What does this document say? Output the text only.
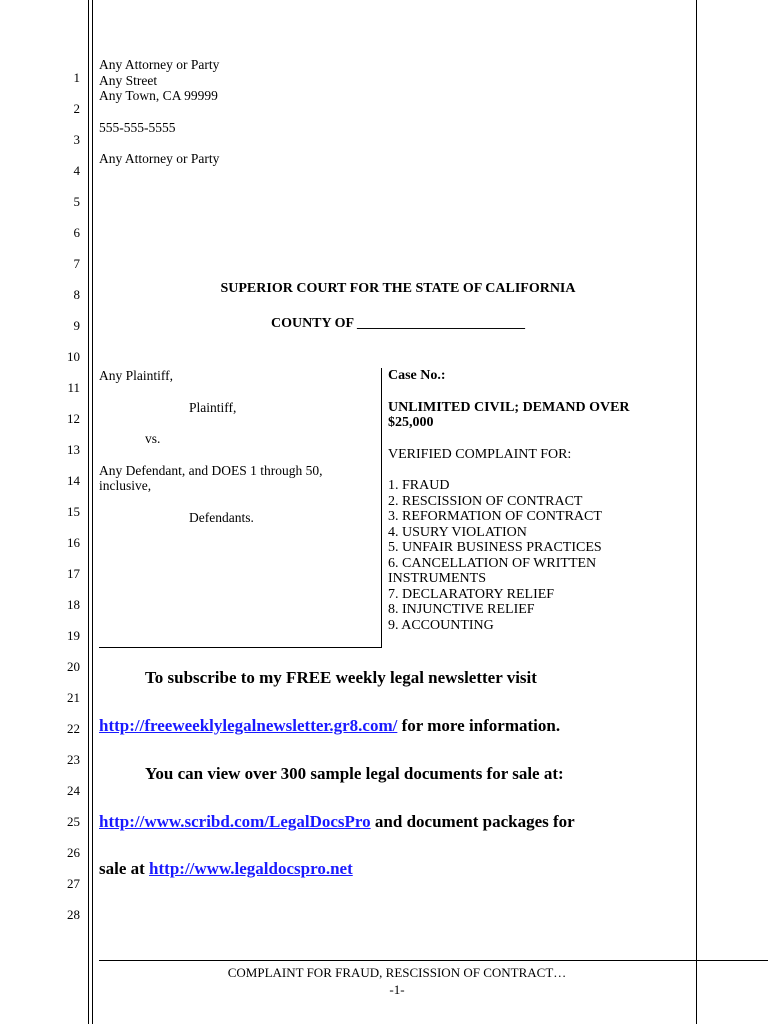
1
2
3
4
5
6
7
8
9
10
11
12
13
14
15
16
17
18
19
20
21
22
23
24
25
26
27
28
Any Attorney or Party
Any Street
Any Town, CA 99999
555-555-5555
Any Attorney or Party
SUPERIOR COURT FOR THE STATE OF CALIFORNIA
COUNTY OF ________________________
Any Plaintiff,
Plaintiff,
vs.
Any Defendant, and DOES 1 through 50, inclusive,
Defendants.
Case No.:
UNLIMITED CIVIL; DEMAND OVER $25,000
VERIFIED COMPLAINT FOR:
1. FRAUD
2. RESCISSION OF CONTRACT
3. REFORMATION OF CONTRACT
4. USURY VIOLATION
5. UNFAIR BUSINESS PRACTICES
6. CANCELLATION OF WRITTEN INSTRUMENTS
7. DECLARATORY RELIEF
8. INJUNCTIVE RELIEF
9. ACCOUNTING
To subscribe to my FREE weekly legal newsletter visit
http://freeweeklylegalnewsletter.gr8.com/ for more information.
You can view over 300 sample legal documents for sale at:
http://www.scribd.com/LegalDocsPro and document packages for
sale at http://www.legaldocspro.net
COMPLAINT FOR FRAUD, RESCISSION OF CONTRACT…
-1-
